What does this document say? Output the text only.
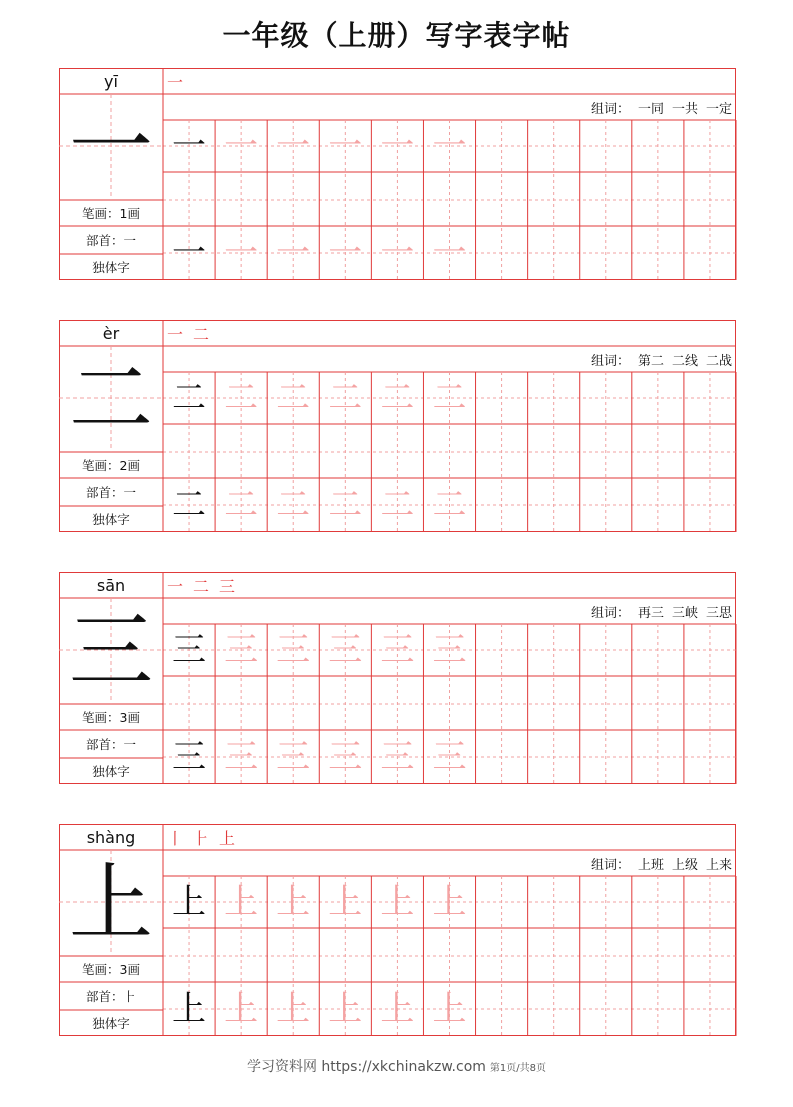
一年级（上册）写字表字帖
yī
一
笔画： 1画
部首： 一
独体字
一
组词： 一同 一共 一定
一 一 一 一 一 一
一 一 一 一 一 一
èr
二
笔画： 2画
部首： 一
独体字
一 二
组词： 第二 二线 二战
二 二 二 二 二 二
二 二 二 二 二 二
sān
三
笔画： 3画
部首： 一
独体字
一 二 三
组词： 再三 三峡 三思
三 三 三 三 三 三
三 三 三 三 三 三
shàng
上
笔画： 3画
部首： ⺊
独体字
丨 ⺊ 上
组词： 上班 上级 上来
上 上 上 上 上 上
上 上 上 上 上 上
学习资料网 https://xkchinakzw.com 第1页/共8页
